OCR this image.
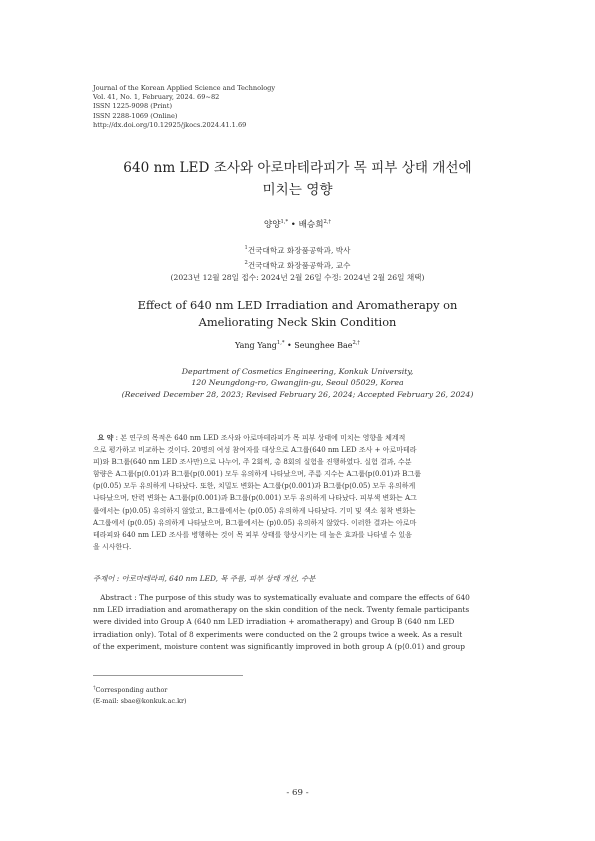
Journal of the Korean Applied Science and Technology
Vol. 41, No. 1, February, 2024. 69~82
ISSN 1225-9098 (Print)
ISSN 2288-1069 (Online)
http://dx.doi.org/10.12925/jkocs.2024.41.1.69
640 nm LED 조사와 아로마테라피가 목 피부 상태 개선에
미치는 영향
양양$^{1,*}$ • 배승희$^{2,\dagger}$
$^1$건국대학교 화장품공학과, 박사
$^2$건국대학교 화장품공학과, 교수
(2023년 12월 28일 접수: 2024년 2월 26일 수정: 2024년 2월 26일 채택)
Effect of 640 nm LED Irradiation and Aromatherapy on
Ameliorating Neck Skin Condition
Yang Yang$^{1,*}$ • Seunghee Bae$^{2,\dagger}$
Department of Cosmetics Engineering, Konkuk University,
120 Neungdong-ro, Gwangjin-gu, Seoul 05029, Korea
(Received December 28, 2023; Revised February 26, 2024; Accepted February 26, 2024)
요 약 : 본 연구의 목적은 640 nm LED 조사와 아로마테라피가 목 피부 상태에 미치는 영향을 체계적
으로 평가하고 비교하는 것이다. 20명의 여성 참여자를 대상으로 A그룹(640 nm LED 조사 + 아로마테라
피)와 B그룹(640 nm LED 조사만)으로 나누어, 주 2회씩, 총 8회의 실험을 진행하였다. 실험 결과, 수분
함량은 A그룹(p⟨0.01)과 B그룹(p⟨0.001) 모두 유의하게 나타났으며, 주름 지수는 A그룹(p⟨0.01)과 B그룹
(p⟨0.05) 모두 유의하게 나타났다. 또한, 치밀도 변화는 A그룹(p⟨0.001)과 B그룹(p⟨0.05) 모두 유의하게
나타났으며, 탄력 변화는 A그룹(p⟨0.001)과 B그룹(p⟨0.001) 모두 유의하게 나타났다. 피부색 변화는 A그
룹에서는 (p⟩0.05) 유의하지 않았고, B그룹에서는 (p⟨0.05) 유의하게 나타났다. 기미 및 색소 침착 변화는
A그룹에서 (p⟨0.05) 유의하게 나타났으며, B그룹에서는 (p⟩0.05) 유의하지 않았다. 이러한 결과는 아로마
테라피와 640 nm LED 조사를 병행하는 것이 목 피부 상태를 향상시키는 데 높은 효과를 나타낼 수 있음
을 시사한다.
주제어 : 아로마테라피, 640 nm LED, 목 주름, 피부 상태 개선, 수분
Abstract : The purpose of this study was to systematically evaluate and compare the effects of 640
nm LED irradiation and aromatherapy on the skin condition of the neck. Twenty female participants
were divided into Group A (640 nm LED irradiation + aromatherapy) and Group B (640 nm LED
irradiation only). Total of 8 experiments were conducted on the 2 groups twice a week. As a result
of the experiment, moisture content was significantly improved in both group A (p⟨0.01) and group
†Corresponding author
(E-mail: sbae@konkuk.ac.kr)
- 69 -
